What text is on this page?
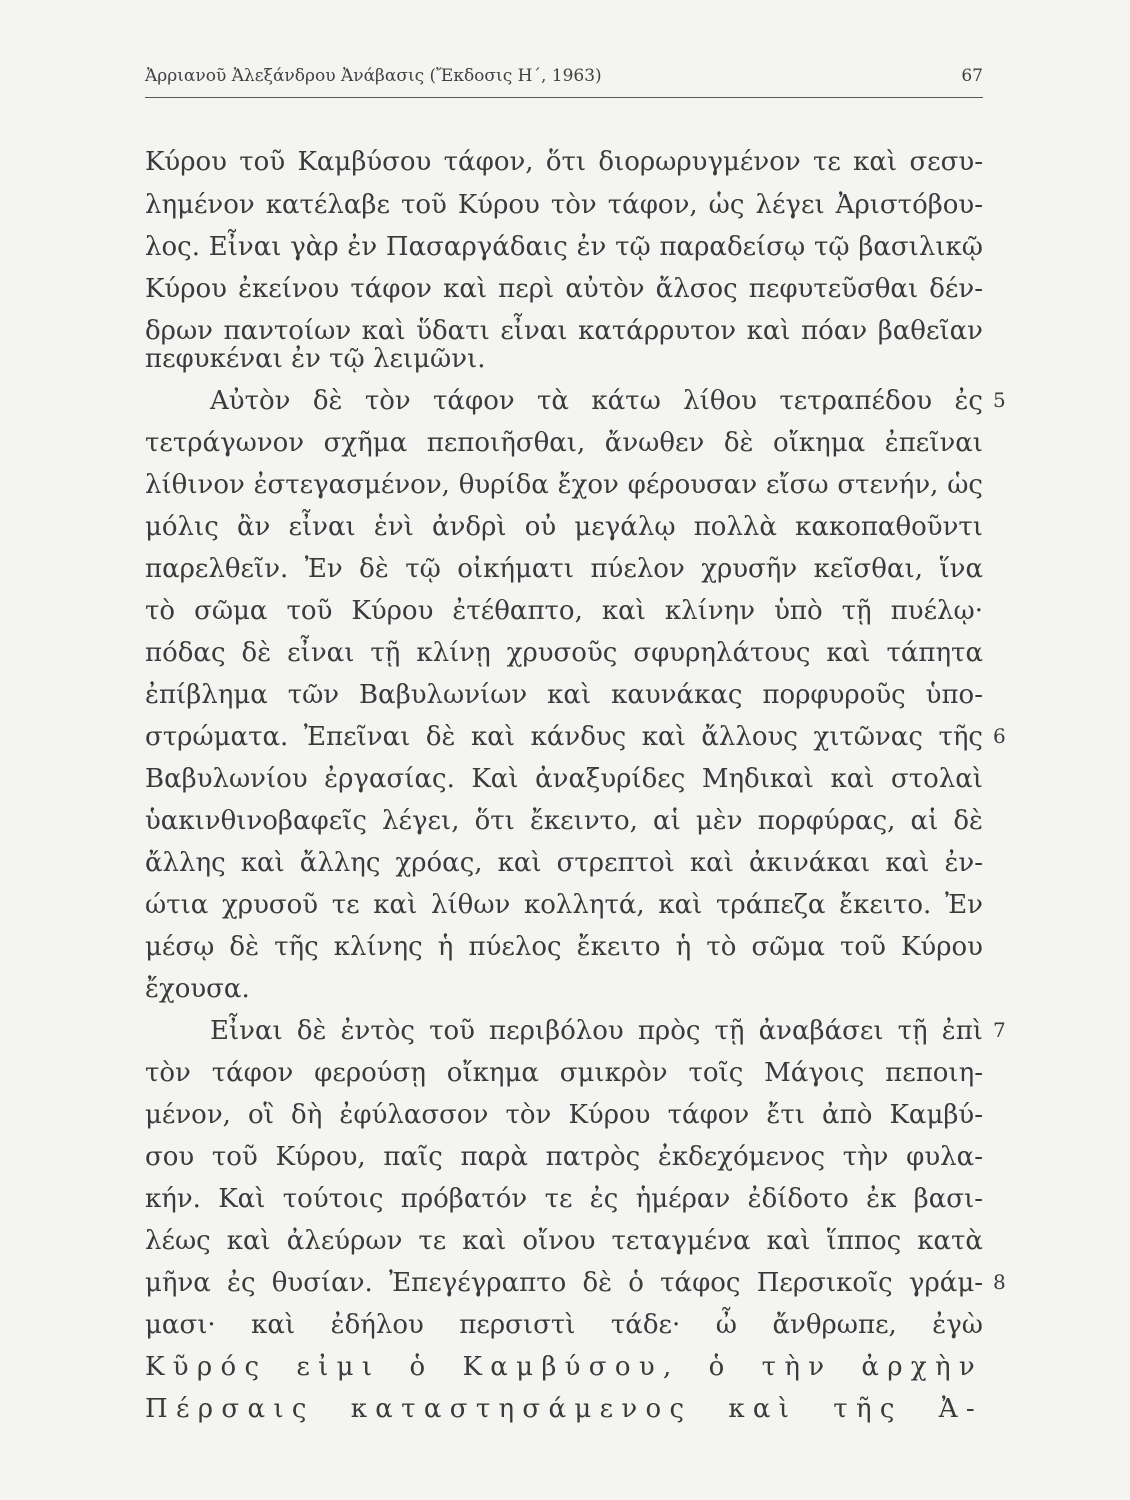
Ἀρριανοῦ Ἀλεξάνδρου Ἀνάβασις (Ἔκδοσις Η΄, 1963)	67
Κύρου τοῦ Καμβύσου τάφον, ὅτι διορωρυγμένον τε καὶ σεσυ-
λημένον κατέλαβε τοῦ Κύρου τὸν τάφον, ὡς λέγει Ἀριστόβου-
λος. Εἶναι γὰρ ἐν Πασαργάδαις ἐν τῷ παραδείσῳ τῷ βασιλικῷ
Κύρου ἐκείνου τάφον καὶ περὶ αὐτὸν ἄλσος πεφυτεῦσθαι δέν-
δρων παντοίων καὶ ὕδατι εἶναι κατάρρυτον καὶ πόαν βαθεῖαν
πεφυκέναι ἐν τῷ λειμῶνι.
Αὐτὸν δὲ τὸν τάφον τὰ κάτω λίθου τετραπέδου ἐς
τετράγωνον σχῆμα πεποιῆσθαι, ἄνωθεν δὲ οἴκημα ἐπεῖναι
λίθινον ἐστεγασμένον, θυρίδα ἔχον φέρουσαν εἴσω στενήν, ὡς
μόλις ἂν εἶναι ἑνὶ ἀνδρὶ οὐ μεγάλῳ πολλὰ κακοπαθοῦντι
παρελθεῖν. Ἐν δὲ τῷ οἰκήματι πύελον χρυσῆν κεῖσθαι, ἵνα
τὸ σῶμα τοῦ Κύρου ἐτέθαπτο, καὶ κλίνην ὑπὸ τῇ πυέλῳ·
πόδας δὲ εἶναι τῇ κλίνῃ χρυσοῦς σφυρηλάτους καὶ τάπητα
ἐπίβλημα τῶν Βαβυλωνίων καὶ καυνάκας πορφυροῦς ὑπο-
στρώματα. Ἐπεῖναι δὲ καὶ κάνδυς καὶ ἄλλους χιτῶνας τῆς
Βαβυλωνίου ἐργασίας. Καὶ ἀναξυρίδες Μηδικαὶ καὶ στολαὶ
ὑακινθινοβαφεῖς λέγει, ὅτι ἔκειντο, αἱ μὲν πορφύρας, αἱ δὲ
ἄλλης καὶ ἄλλης χρόας, καὶ στρεπτοὶ καὶ ἀκινάκαι καὶ ἐν-
ώτια χρυσοῦ τε καὶ λίθων κολλητά, καὶ τράπεζα ἔκειτο. Ἐν
μέσῳ δὲ τῆς κλίνης ἡ πύελος ἔκειτο ἡ τὸ σῶμα τοῦ Κύρου
ἔχουσα.
Εἶναι δὲ ἐντὸς τοῦ περιβόλου πρὸς τῇ ἀναβάσει τῇ ἐπὶ
τὸν τάφον φερούσῃ οἴκημα σμικρὸν τοῖς Μάγοις πεποιη-
μένον, οἳ δὴ ἐφύλασσον τὸν Κύρου τάφον ἔτι ἀπὸ Καμβύ-
σου τοῦ Κύρου, παῖς παρὰ πατρὸς ἐκδεχόμενος τὴν φυλα-
κήν. Καὶ τούτοις πρόβατόν τε ἐς ἡμέραν ἐδίδοτο ἐκ βασι-
λέως καὶ ἀλεύρων τε καὶ οἴνου τεταγμένα καὶ ἵππος κατὰ
μῆνα ἐς θυσίαν. Ἐπεγέγραπτο δὲ ὁ τάφος Περσικοῖς γράμ-
μασι· καὶ ἐδήλου περσιστὶ τάδε· ὦ ἄνθρωπε, ἐγὼ
Κῦρός εἰμι ὁ Καμβύσου, ὁ τὴν ἀρχὴν
Πέρσαις καταστησάμενος καὶ τῆς Ἀ-
5
6
7
8
